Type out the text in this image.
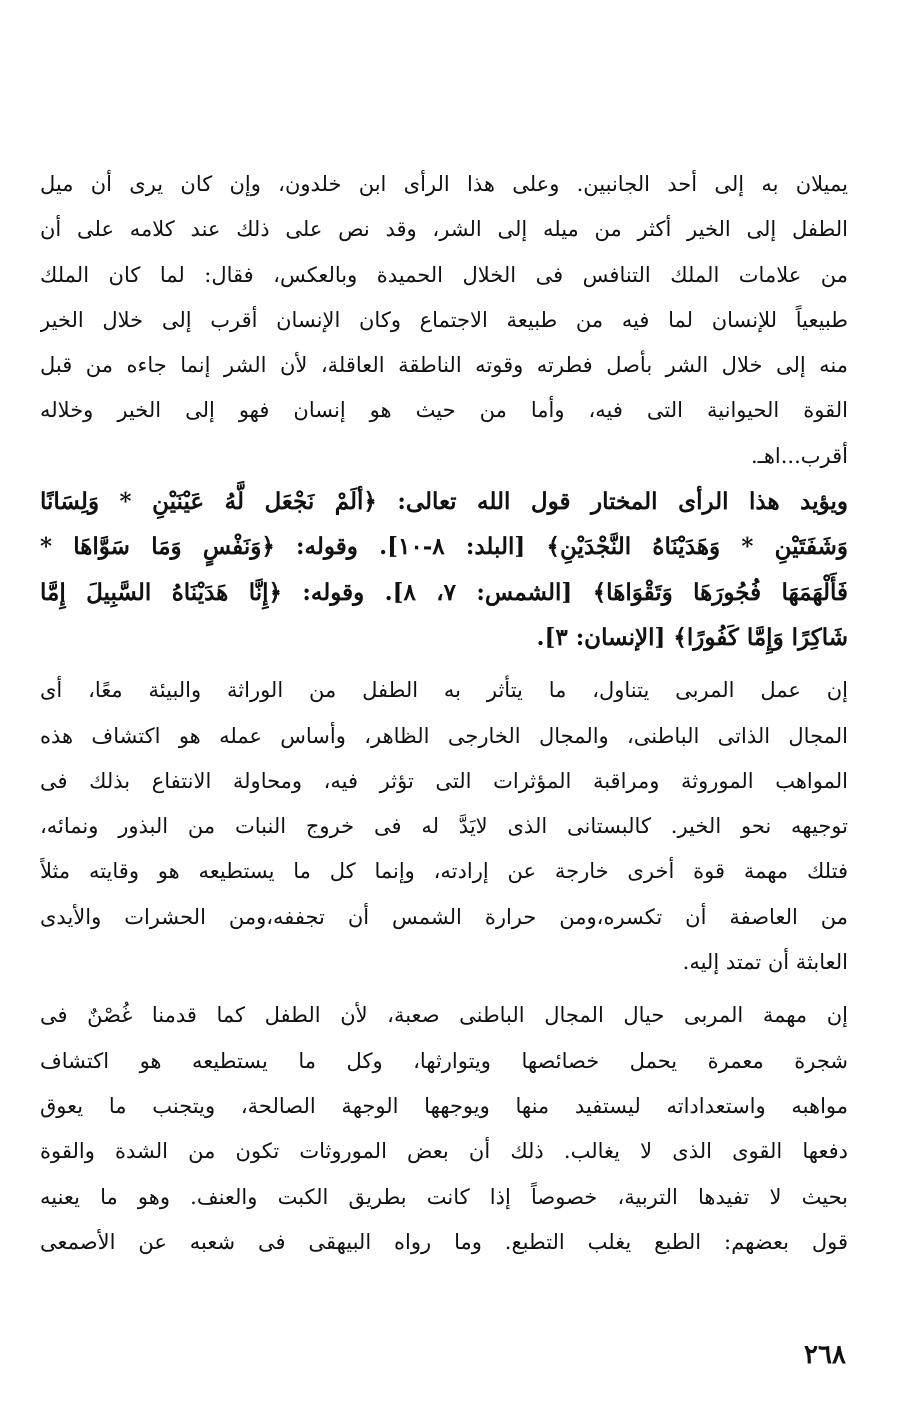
يميلان به إلى أحد الجانبين. وعلى هذا الرأى ابن خلدون، وإن كان يرى أن ميل
الطفل إلى الخير أكثر من ميله إلى الشر، وقد نص على ذلك عند كلامه على أن
من علامات الملك التنافس فى الخلال الحميدة وبالعكس، فقال: لما كان الملك
طبيعياً للإنسان لما فيه من طبيعة الاجتماع وكان الإنسان أقرب إلى خلال الخير
منه إلى خلال الشر بأصل فطرته وقوته الناطقة العاقلة، لأن الشر إنما جاءه من قبل
القوة الحيوانية التى فيه، وأما من حيث هو إنسان فهو إلى الخير وخلاله
أقرب...اهـ.
ويؤيد هذا الرأى المختار قول الله تعالى: ﴿ألَمْ نَجْعَل لَّهُ عَيْنَيْنِ * وَلِسَانًا
وَشَفَتَيْنِ * وَهَدَيْنَاهُ النَّجْدَيْنِ﴾ [البلد: ٨-١٠]. وقوله: ﴿وَنَفْسٍ وَمَا سَوَّاهَا *
فَأَلْهَمَهَا فُجُورَهَا وَتَقْوَاهَا﴾ [الشمس: ٧، ٨]. وقوله: ﴿إِنَّا هَدَيْنَاهُ السَّبِيلَ إِمَّا
شَاكِرًا وَإِمَّا كَفُورًا﴾ [الإنسان: ٣].
إن عمل المربى يتناول، ما يتأثر به الطفل من الوراثة والبيئة معًا، أى
المجال الذاتى الباطنى، والمجال الخارجى الظاهر، وأساس عمله هو اكتشاف هذه
المواهب الموروثة ومراقبة المؤثرات التى تؤثر فيه، ومحاولة الانتفاع بذلك فى
توجيهه نحو الخير. كالبستانى الذى لايَدَّ له فى خروج النبات من البذور ونمائه،
فتلك مهمة قوة أخرى خارجة عن إرادته، وإنما كل ما يستطيعه هو وقايته مثلاً
من العاصفة أن تكسره،ومن حرارة الشمس أن تجففه،ومن الحشرات والأيدى
العابثة أن تمتد إليه.
إن مهمة المربى حيال المجال الباطنى صعبة، لأن الطفل كما قدمنا غُصْنٌ فى
شجرة معمرة يحمل خصائصها ويتوارثها، وكل ما يستطيعه هو اكتشاف
مواهبه واستعداداته ليستفيد منها ويوجهها الوجهة الصالحة، ويتجنب ما يعوق
دفعها القوى الذى لا يغالب. ذلك أن بعض الموروثات تكون من الشدة والقوة
بحيث لا تفيدها التربية، خصوصاً إذا كانت بطريق الكبت والعنف. وهو ما يعنيه
قول بعضهم: الطبع يغلب التطبع. وما رواه البيهقى فى شعبه عن الأصمعى
٢٦٨
